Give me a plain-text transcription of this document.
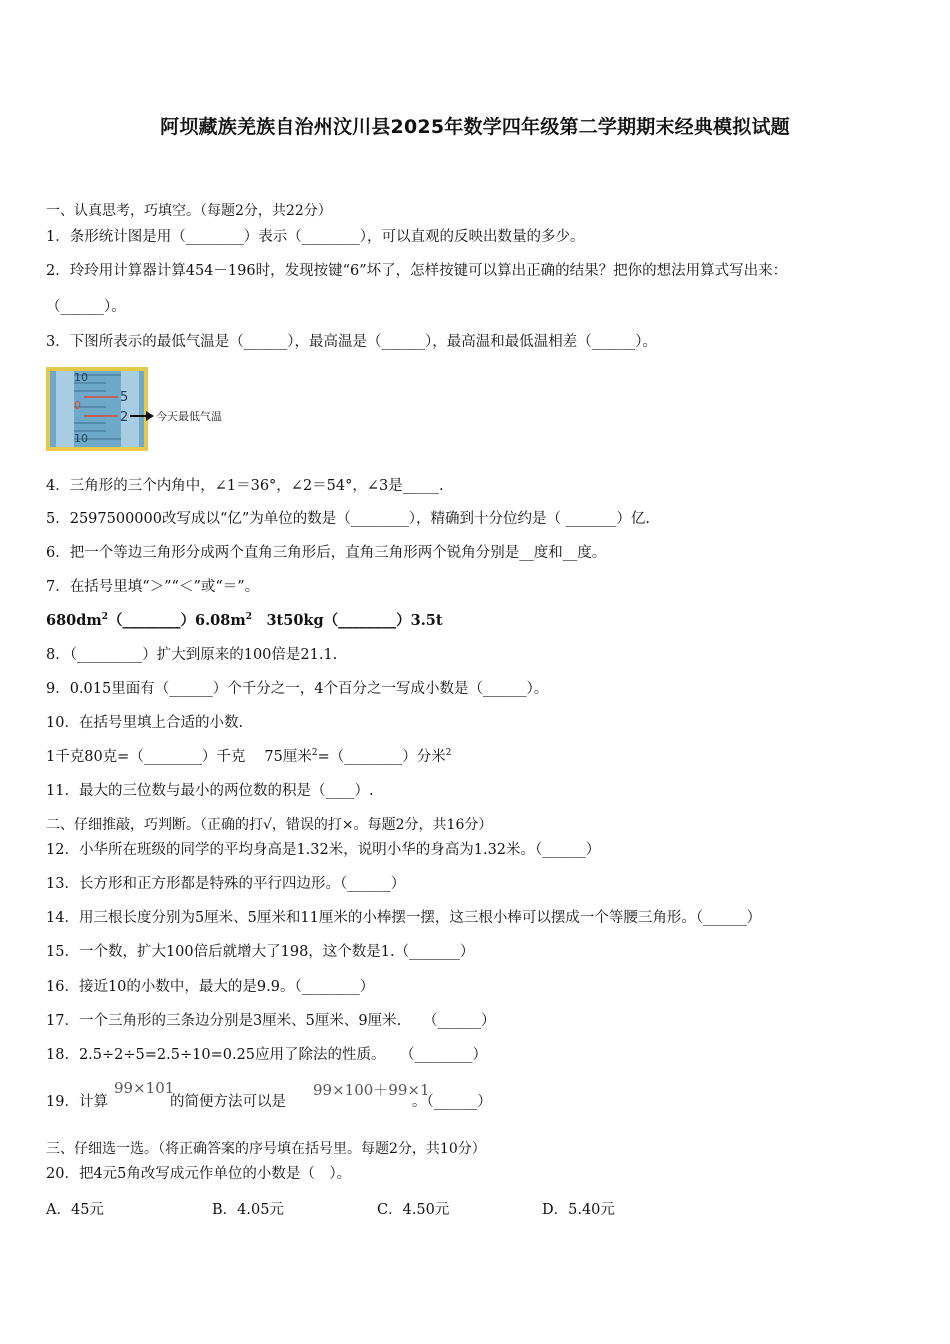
阿坝藏族羌族自治州汶川县2025年数学四年级第二学期期末经典模拟试题
一、认真思考，巧填空。（每题2分，共22分）
1．条形统计图是用（________）表示（________），可以直观的反映出数量的多少。
2．玲玲用计算器计算454－196时，发现按键“6”坏了，怎样按键可以算出正确的结果？把你的想法用算式写出来：
（______）。
3．下图所表示的最低气温是（______），最高温是（______），最高温和最低温相差（______）。
10
0
10
5
2	今天最低气温
4．三角形的三个内角中，∠1＝36°，∠2＝54°，∠3是_____.
5．2597500000改写成以“亿”为单位的数是（________），精确到十分位约是（ _______）亿.
6．把一个等边三角形分成两个直角三角形后，直角三角形两个锐角分别是__度和__度。
7．在括号里填“＞”“＜”或“＝”。
$680dm^2(\_\_\_\_\_\_\_\_)6.08m^2$　3t50kg（________）3.5t
8．（_________）扩大到原来的100倍是21.1.
9．0.015里面有（______）个千分之一，4个百分之一写成小数是（______）。
10．在括号里填上合适的小数.
1千克80克=（________）千克　 75厘米$^2$=（________）分米$^2$
11．最大的三位数与最小的两位数的积是（____）.
二、仔细推敲，巧判断。（正确的打√，错误的打×。每题2分，共16分）
12．小华所在班级的同学的平均身高是1.32米，说明小华的身高为1.32米。（______）
13．长方形和正方形都是特殊的平行四边形。（______）
14．用三根长度分别为5厘米、5厘米和11厘米的小棒摆一摆，这三根小棒可以摆成一个等腰三角形。（______）
15．一个数，扩大100倍后就增大了198，这个数是1.（_______）
16．接近10的小数中，最大的是9.9。（________）
17．一个三角形的三条边分别是3厘米、5厘米、9厘米.　　（______）
18．2.5÷2÷5=2.5÷10=0.25应用了除法的性质。　　（________）
19．计算	的简便方法可以是	。（______）
99×101	99×100＋99×1
三、仔细选一选。（将正确答案的序号填在括号里。每题2分，共10分）
20．把4元5角改写成元作单位的小数是（　）。
A．45元	B．4.05元	C．4.50元	D．5.40元
